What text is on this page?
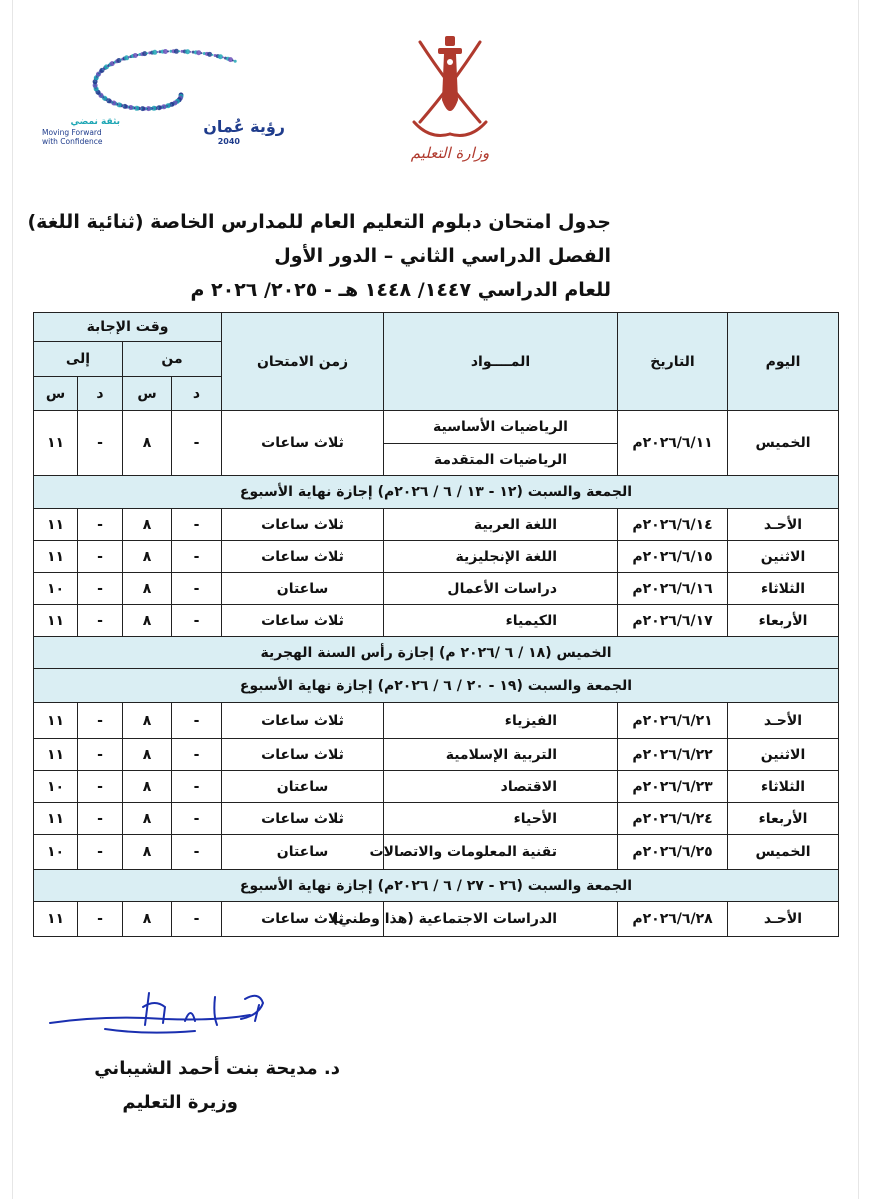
وزارة التعليم
رؤية عُمان
2040
بثقة نمضي
Moving Forward
with Confidence
جدول امتحان دبلوم التعليم العام للمدارس الخاصة (ثنائية اللغة)
الفصل الدراسي الثاني – الدور الأول
للعام الدراسي ١٤٤٧/ ١٤٤٨ هـ - ٢٠٢٥/ ٢٠٢٦ م
اليوم	التاريخ	المــــواد	زمن الامتحان	وقت الإجابة			
				من		إلى	
				د	س	د	س
الخميس	٢٠٢٦/٦/١١م	الرياضيات الأساسية	ثلاث ساعات	-	٨	-	١١
		الرياضيات المتقدمة					
الجمعة والسبت (١٢ - ١٣ / ٦ / ٢٠٢٦م) إجازة نهاية الأسبوع							
الأحـد	٢٠٢٦/٦/١٤م	اللغة العربية	ثلاث ساعات	-	٨	-	١١
الاثنين	٢٠٢٦/٦/١٥م	اللغة الإنجليزية	ثلاث ساعات	-	٨	-	١١
الثلاثاء	٢٠٢٦/٦/١٦م	دراسات الأعمال	ساعتان	-	٨	-	١٠
الأربعاء	٢٠٢٦/٦/١٧م	الكيمياء	ثلاث ساعات	-	٨	-	١١
الخميس (١٨ / ٦ /٢٠٢٦ م) إجازة رأس السنة الهجرية							
الجمعة والسبت (١٩ - ٢٠ / ٦ / ٢٠٢٦م) إجازة نهاية الأسبوع							
الأحـد	٢٠٢٦/٦/٢١م	الفيزياء	ثلاث ساعات	-	٨	-	١١
الاثنين	٢٠٢٦/٦/٢٢م	التربية الإسلامية	ثلاث ساعات	-	٨	-	١١
الثلاثاء	٢٠٢٦/٦/٢٣م	الاقتصاد	ساعتان	-	٨	-	١٠
الأربعاء	٢٠٢٦/٦/٢٤م	الأحياء	ثلاث ساعات	-	٨	-	١١
الخميس	٢٠٢٦/٦/٢٥م	تقنية المعلومات والاتصالات	ساعتان	-	٨	-	١٠
الجمعة والسبت (٢٦ - ٢٧ / ٦ / ٢٠٢٦م) إجازة نهاية الأسبوع							
الأحـد	٢٠٢٦/٦/٢٨م	الدراسات الاجتماعية (هذا وطني)	ثلاث ساعات	-	٨	-	١١
د. مديحة بنت أحمد الشيباني
وزيرة التعليم
